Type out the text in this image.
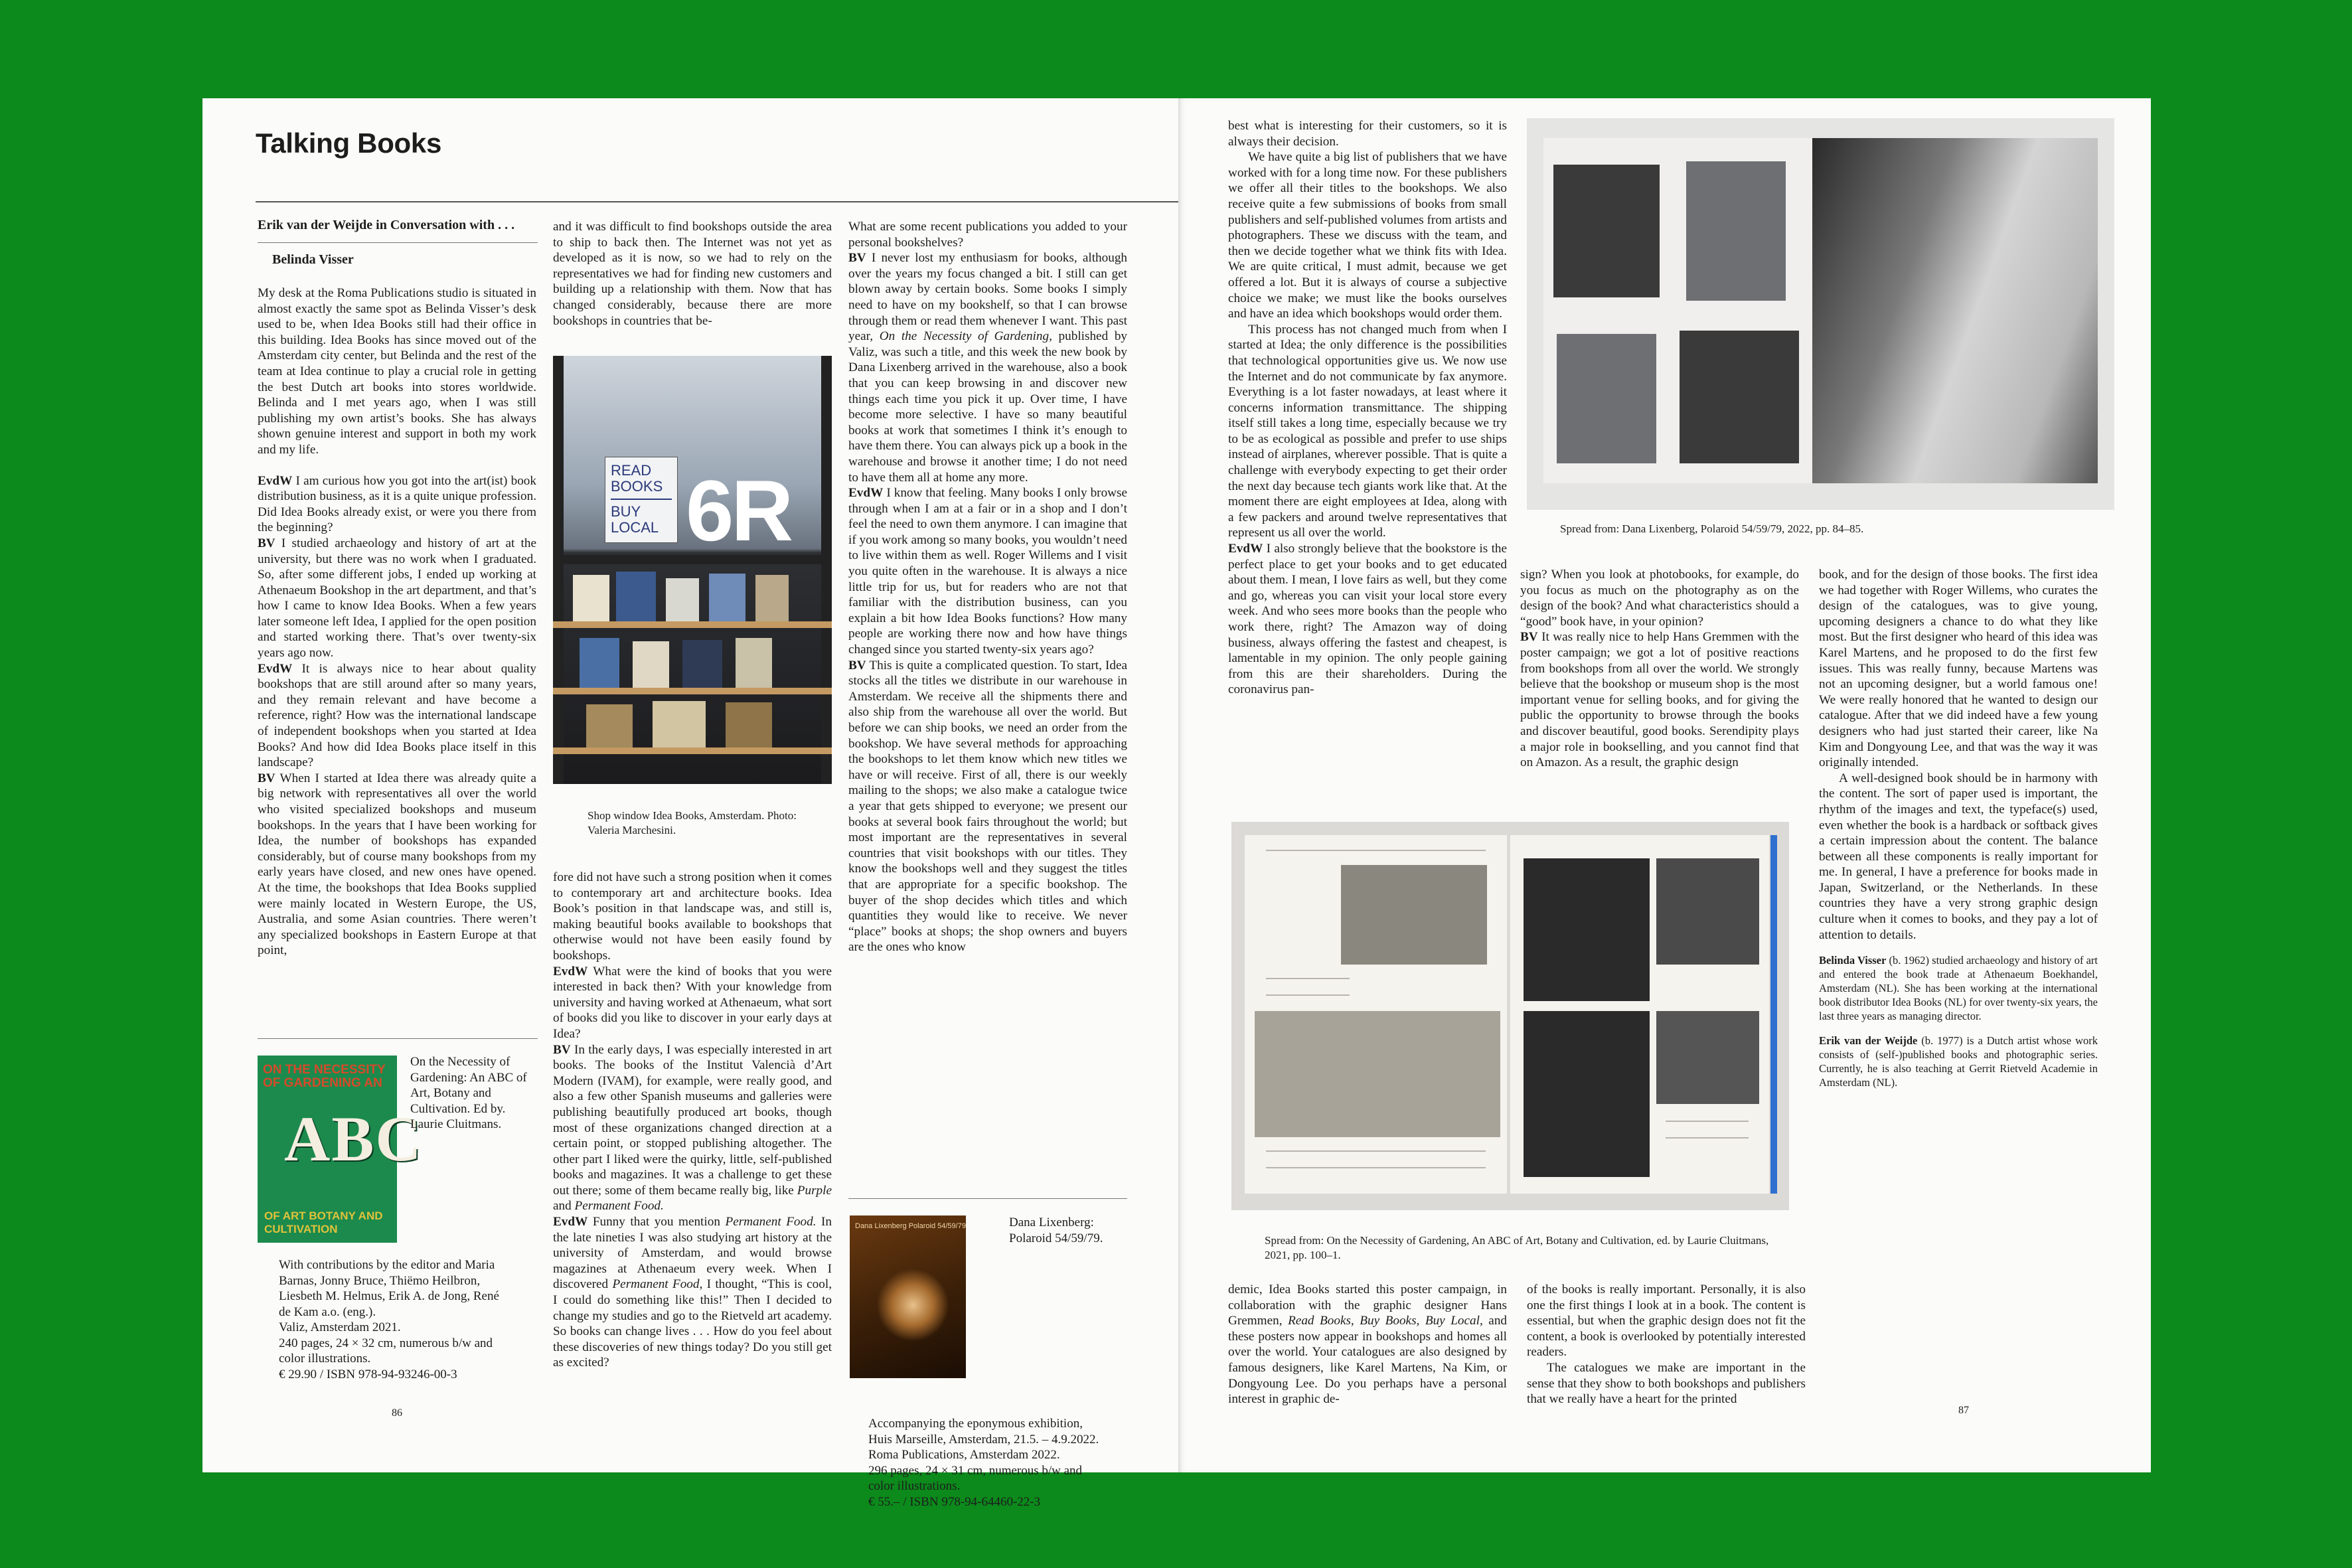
Talking Books
Erik van der Weijde in Conversation with . . .
Belinda Visser

My desk at the Roma Publications studio is situated in almost exactly the same spot as Belinda Visser’s desk used to be, when Idea Books still had their office in this building. Idea Books has since moved out of the Amsterdam city center, but Belinda and the rest of the team at Idea continue to play a crucial role in getting the best Dutch art books into stores worldwide. Belinda and I met years ago, when I was still publishing my own artist’s books. She has always shown genuine interest and support in both my work and my life.

EvdW I am curious how you got into the art(ist) book distribution business, as it is a quite unique profession. Did Idea Books already exist, or were you there from the beginning?

BV I studied archaeology and history of art at the university, but there was no work when I graduated. So, after some different jobs, I ended up working at Athenaeum Bookshop in the art department, and that’s how I came to know Idea Books. When a few years later someone left Idea, I applied for the open position and started working there. That’s over twenty-six years ago now.

EvdW It is always nice to hear about quality bookshops that are still around after so many years, and they remain relevant and have become a reference, right? How was the international landscape of independent bookshops when you started at Idea Books? And how did Idea Books place itself in this landscape?

BV When I started at Idea there was already quite a big network with representatives all over the world who visited specialized bookshops and museum bookshops. In the years that I have been working for Idea, the number of bookshops has expanded considerably, but of course many bookshops from my early years have closed, and new ones have opened. At the time, the bookshops that Idea Books supplied were mainly located in Western Europe, the US, Australia, and some Asian countries. There weren’t any specialized bookshops in Eastern Europe at that point,

ON THE NECESSITY OF GARDENING AN
ABC
OF ART BOTANY AND CULTIVATION
On the Necessity of Gardening: An ABC of Art, Botany and Cultivation. Ed by. Laurie Cluitmans.
With contributions by the editor and Maria
Barnas, Jonny Bruce, Thiëmo Heilbron,
Liesbeth M. Helmus, Erik A. de Jong, René
de Kam a.o. (eng.).
Valiz, Amsterdam 2021.
240 pages, 24 × 32 cm, numerous b/w and
color illustrations.
€ 29.90 / ISBN 978-94-93246-00-3
86

and it was difficult to find bookshops outside the area to ship to back then. The Internet was not yet as developed as it is now, so we had to rely on the representatives we had for finding new customers and building up a relationship with them. Now that has changed considerably, because there are more bookshops in countries that be-

READ BOOKS
BUY LOCAL 6R
Shop window Idea Books, Amsterdam. Photo: Valeria Marchesini.

fore did not have such a strong position when it comes to contemporary art and architecture books. Idea Book’s position in that landscape was, and still is, making beautiful books available to bookshops that otherwise would not have been easily found by bookshops.

EvdW What were the kind of books that you were interested in back then? With your knowledge from university and having worked at Athenaeum, what sort of books did you like to discover in your early days at Idea?

BV In the early days, I was especially interested in art books. The books of the Institut Valencià d’Art Modern (IVAM), for example, were really good, and also a few other Spanish museums and galleries were publishing beautifully produced art books, though most of these organizations changed direction at a certain point, or stopped publishing altogether. The other part I liked were the quirky, little, self-published books and magazines. It was a challenge to get these out there; some of them became really big, like Purple and Permanent Food.

EvdW Funny that you mention Permanent Food. In the late nineties I was also studying art history at the university of Amsterdam, and would browse magazines at Athenaeum every week. When I discovered Permanent Food, I thought, “This is cool, I could do something like this!” Then I decided to change my studies and go to the Rietveld art academy. So books can change lives . . . How do you feel about these discoveries of new things today? Do you still get as excited?

What are some recent publications you added to your personal bookshelves?

BV I never lost my enthusiasm for books, although over the years my focus changed a bit. I still can get blown away by certain books. Some books I simply need to have on my bookshelf, so that I can browse through them or read them whenever I want. This past year, On the Necessity of Gardening, published by Valiz, was such a title, and this week the new book by Dana Lixenberg arrived in the warehouse, also a book that you can keep browsing in and discover new things each time you pick it up. Over time, I have become more selective. I have so many beautiful books at work that sometimes I think it’s enough to have them there. You can always pick up a book in the warehouse and browse it another time; I do not need to have them all at home any more.

EvdW I know that feeling. Many books I only browse through when I am at a fair or in a shop and I don’t feel the need to own them anymore. I can imagine that if you work among so many books, you wouldn’t need to live within them as well. Roger Willems and I visit you quite often in the warehouse. It is always a nice little trip for us, but for readers who are not that familiar with the distribution business, can you explain a bit how Idea Books functions? How many people are working there now and how have things changed since you started twenty-six years ago?

BV This is quite a complicated question. To start, Idea stocks all the titles we distribute in our warehouse in Amsterdam. We receive all the shipments there and also ship from the warehouse all over the world. But before we can ship books, we need an order from the bookshop. We have several methods for approaching the bookshops to let them know which new titles we have or will receive. First of all, there is our weekly mailing to the shops; we also make a catalogue twice a year that gets shipped to everyone; we present our books at several book fairs throughout the world; but most important are the representatives in several countries that visit bookshops with our titles. They know the bookshops well and they suggest the titles that are appropriate for a specific bookshop. The buyer of the shop decides which titles and which quantities they would like to receive. We never “place” books at shops; the shop owners and buyers are the ones who know

Dana Lixenberg Polaroid 54/59/79	Dana Lixenberg: Polaroid 54/59/79.
Accompanying the eponymous exhibition,
Huis Marseille, Amsterdam, 21.5. – 4.9.2022.
Roma Publications, Amsterdam 2022.
296 pages, 24 × 31 cm, numerous b/w and
color illustrations.
€ 55.– / ISBN 978-94-64460-22-3

best what is interesting for their customers, so it is always their decision.

We have quite a big list of publishers that we have worked with for a long time now. For these publishers we offer all their titles to the bookshops. We also receive quite a few submissions of books from small publishers and self-published volumes from artists and photographers. These we discuss with the team, and then we decide together what we think fits with Idea. We are quite critical, I must admit, because we get offered a lot. But it is always of course a subjective choice we make; we must like the books ourselves and have an idea which bookshops would order them.

This process has not changed much from when I started at Idea; the only difference is the possibilities that technological opportunities give us. We now use the Internet and do not communicate by fax anymore. Everything is a lot faster nowadays, at least where it concerns information transmittance. The shipping itself still takes a long time, especially because we try to be as ecological as possible and prefer to use ships instead of airplanes, wherever possible. That is quite a challenge with everybody expecting to get their order the next day because tech giants work like that. At the moment there are eight employees at Idea, along with a few packers and around twelve representatives that represent us all over the world.

EvdW I also strongly believe that the bookstore is the perfect place to get your books and to get educated about them. I mean, I love fairs as well, but they come and go, whereas you can visit your local store every week. And who sees more books than the people who work there, right? The Amazon way of doing business, always offering the fastest and cheapest, is lamentable in my opinion. The only people gaining from this are their shareholders. During the coronavirus pan-

Spread from: Dana Lixenberg, Polaroid 54/59/79, 2022, pp. 84–85.

sign? When you look at photobooks, for example, do you focus as much on the photography as on the design of the book? And what characteristics should a “good” book have, in your opinion?

BV It was really nice to help Hans Gremmen with the poster campaign; we got a lot of positive reactions from bookshops from all over the world. We strongly believe that the bookshop or museum shop is the most important venue for selling books, and for giving the public the opportunity to browse through the books and discover beautiful, good books. Serendipity plays a major role in bookselling, and you cannot find that on Amazon. As a result, the graphic design

book, and for the design of those books. The first idea we had together with Roger Willems, who curates the design of the catalogues, was to give young, upcoming designers a chance to do what they like most. But the first designer who heard of this idea was Karel Martens, and he proposed to do the first few issues. This was really funny, because Martens was not an upcoming designer, but a world famous one! We were really honored that he wanted to design our catalogue. After that we did indeed have a few young designers who had just started their career, like Na Kim and Dongyoung Lee, and that was the way it was originally intended.

A well-designed book should be in harmony with the content. The sort of paper used is important, the rhythm of the images and text, the typeface(s) used, even whether the book is a hardback or softback gives a certain impression about the content. The balance between all these components is really important for me. In general, I have a preference for books made in Japan, Switzerland, or the Netherlands. In these countries they have a very strong graphic design culture when it comes to books, and they pay a lot of attention to details.

Belinda Visser (b. 1962) studied archaeology and history of art and entered the book trade at Athenaeum Boekhandel, Amsterdam (NL). She has been working at the international book distributor Idea Books (NL) for over twenty-six years, the last three years as managing director.
Erik van der Weijde (b. 1977) is a Dutch artist whose work consists of (self-)published books and photographic series. Currently, he is also teaching at Gerrit Rietveld Academie in Amsterdam (NL).
Spread from: On the Necessity of Gardening, An ABC of Art, Botany and Cultivation, ed. by Laurie Cluitmans, 2021, pp. 100–1.

demic, Idea Books started this poster campaign, in collaboration with the graphic designer Hans Gremmen, Read Books, Buy Books, Buy Local, and these posters now appear in bookshops and homes all over the world. Your catalogues are also designed by famous designers, like Karel Martens, Na Kim, or Dongyoung Lee. Do you perhaps have a personal interest in graphic de-

of the books is really important. Personally, it is also one the first things I look at in a book. The content is essential, but when the graphic design does not fit the content, a book is overlooked by potentially interested readers.

The catalogues we make are important in the sense that they show to both bookshops and publishers that we really have a heart for the printed

87
